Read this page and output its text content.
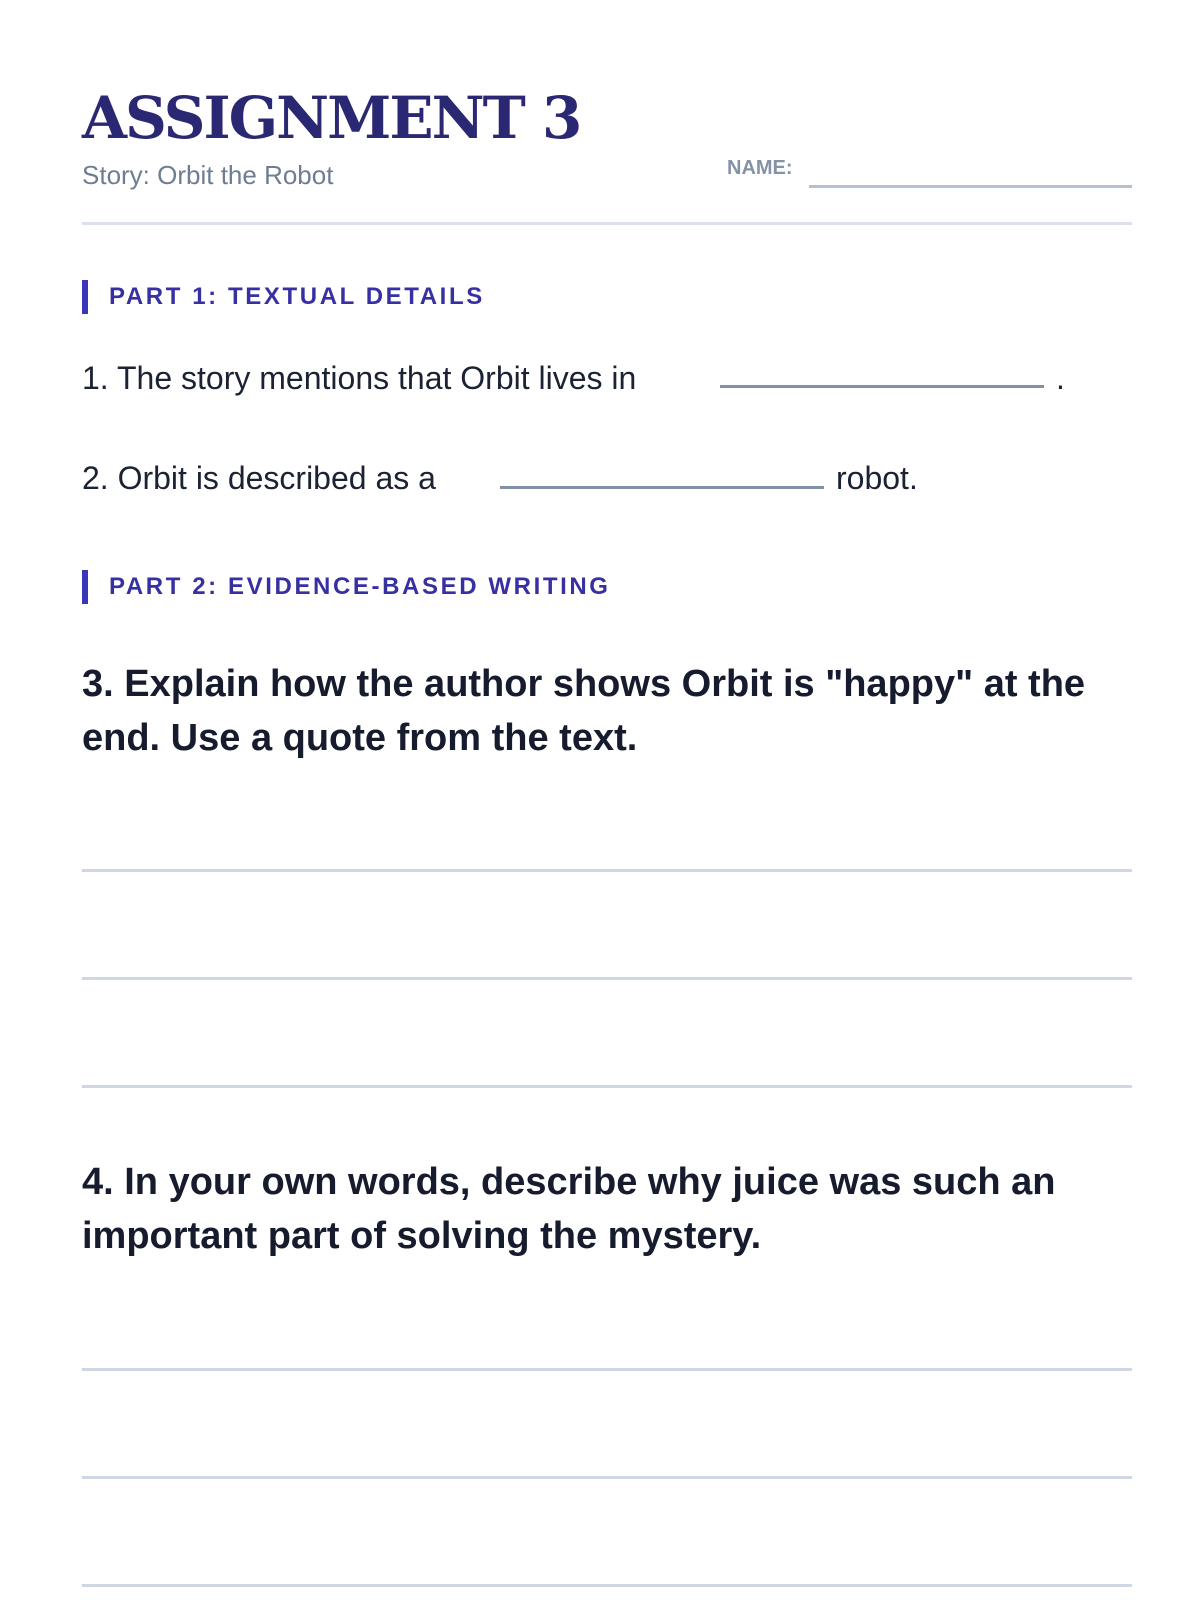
ASSIGNMENT 3
Story: Orbit the Robot	NAME:
PART 1: TEXTUAL DETAILS
1. The story mentions that Orbit lives in	.
2. Orbit is described as a	robot.
PART 2: EVIDENCE-BASED WRITING

3. Explain how the author shows Orbit is "happy" at the end. Use a quote from the text.

4. In your own words, describe why juice was such an important part of solving the mystery.
